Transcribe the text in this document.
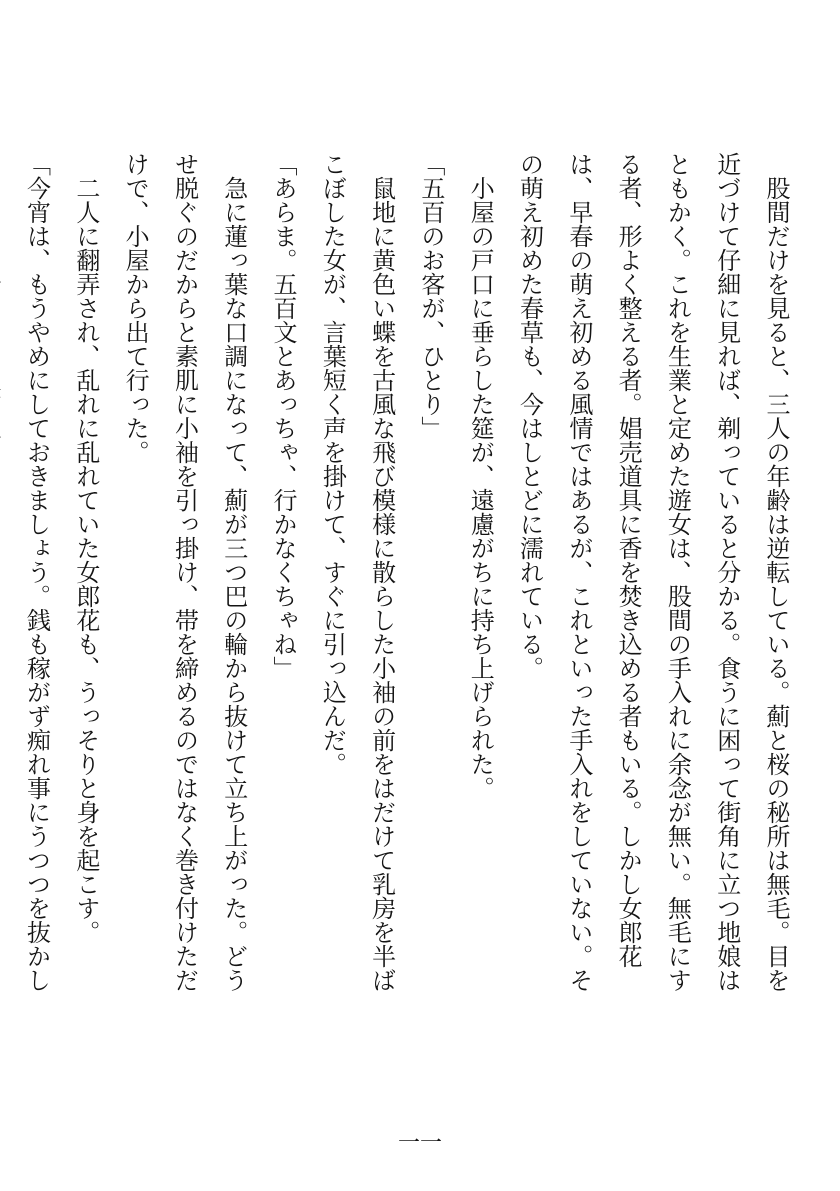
　股間だけを見ると、三人の年齢は逆転している。薊と桜の秘所は無毛。目を近づけて仔細に見れば、剃っていると分かる。食うに困って街角に立つ地娘はともかく。これを生業と定めた遊女は、股間の手入れに余念が無い。無毛にする者、形よく整える者。娼売道具に香を焚き込める者もいる。しかし女郎花は、早春の萌え初める風情ではあるが、これといった手入れをしていない。その萌え初めた春草も、今はしとどに濡れている。

　小屋の戸口に垂らした筵が、遠慮がちに持ち上げられた。

「五百のお客が、ひとり」

　鼠地に黄色い蝶を古風な飛び模様に散らした小袖の前をはだけて乳房を半ばこぼした女が、言葉短く声を掛けて、すぐに引っ込んだ。

「あらま。五百文とあっちゃ、行かなくちゃね」

　急に蓮っ葉な口調になって、薊が三つ巴の輪から抜けて立ち上がった。どうせ脱ぐのだからと素肌に小袖を引っ掛け、帯を締めるのではなく巻き付けただけで、小屋から出て行った。

　二人に翻弄され、乱れに乱れていた女郎花も、うっそりと身を起こす。

「今宵は、もうやめにしておきましょう。銭も稼がず痴れ事にうつつを抜かし

一一
